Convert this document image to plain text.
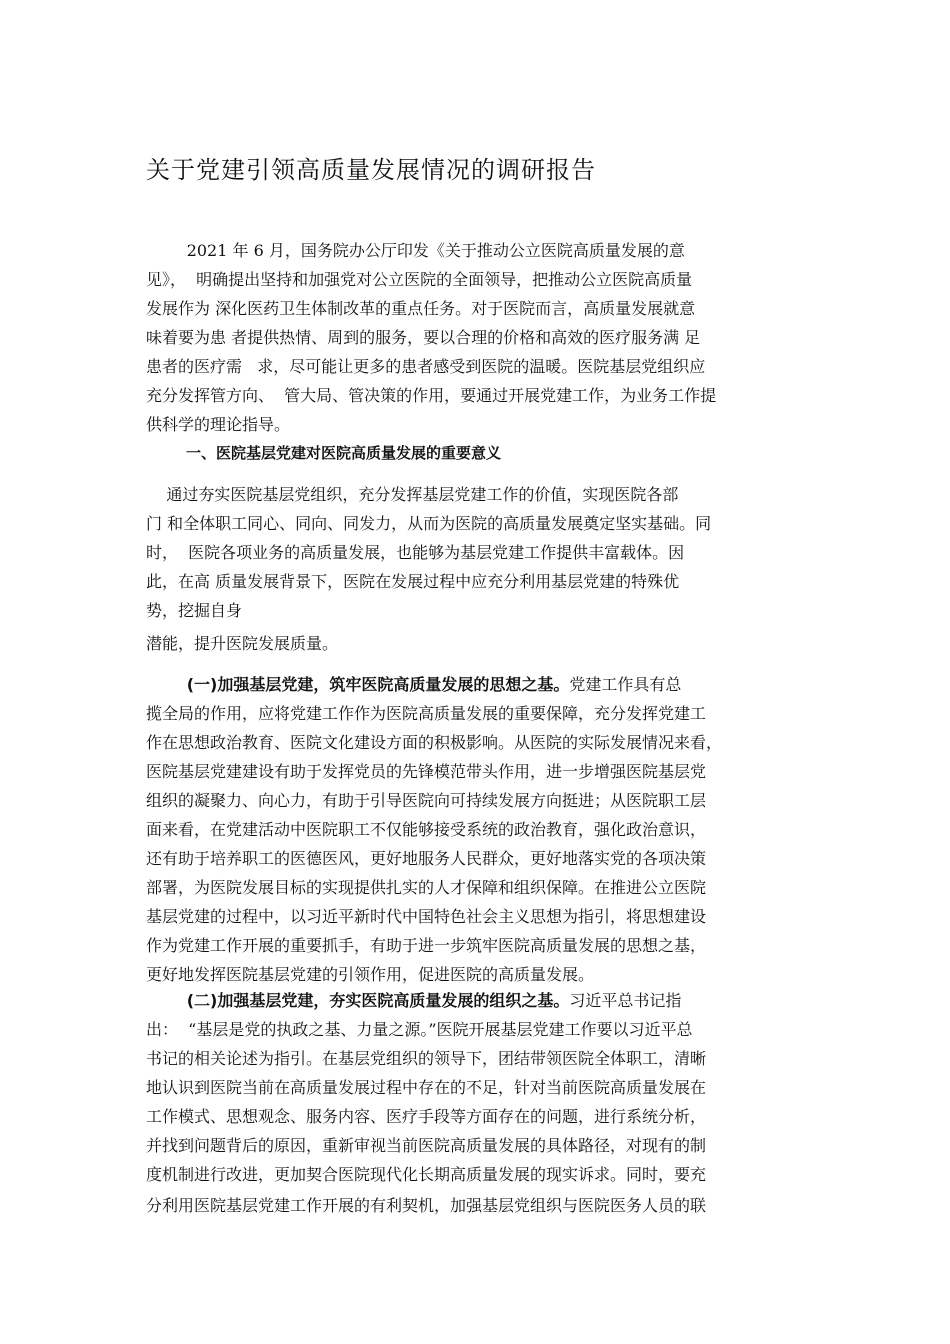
关于党建引领高质量发展情况的调研报告
2021 年 6 月，国务院办公厅印发《关于推动公立医院高质量发展的意
见》，  明确提出坚持和加强党对公立医院的全面领导，把推动公立医院高质量
发展作为 深化医药卫生体制改革的重点任务。对于医院而言，高质量发展就意
味着要为患 者提供热情、周到的服务，要以合理的价格和高效的医疗服务满 足
患者的医疗需   求，尽可能让更多的患者感受到医院的温暖。医院基层党组织应
充分发挥管方向、  管大局、管决策的作用，要通过开展党建工作，为业务工作提
供科学的理论指导。
一、医院基层党建对医院高质量发展的重要意义
通过夯实医院基层党组织，充分发挥基层党建工作的价值，实现医院各部
门 和全体职工同心、同向、同发力，从而为医院的高质量发展奠定坚实基础。同
时，  医院各项业务的高质量发展，也能够为基层党建工作提供丰富载体。因
此，在高 质量发展背景下，医院在发展过程中应充分利用基层党建的特殊优
势，挖掘自身
潜能，提升医院发展质量。
(一)加强基层党建，筑牢医院高质量发展的思想之基。党建工作具有总
揽全局的作用，应将党建工作作为医院高质量发展的重要保障，充分发挥党建工
作在思想政治教育、医院文化建设方面的积极影响。从医院的实际发展情况来看，
医院基层党建建设有助于发挥党员的先锋模范带头作用，进一步增强医院基层党
组织的凝聚力、向心力，有助于引导医院向可持续发展方向挺进；从医院职工层
面来看，在党建活动中医院职工不仅能够接受系统的政治教育，强化政治意识，
还有助于培养职工的医德医风，更好地服务人民群众，更好地落实党的各项决策
部署，为医院发展目标的实现提供扎实的人才保障和组织保障。在推进公立医院
基层党建的过程中，以习近平新时代中国特色社会主义思想为指引，将思想建设
作为党建工作开展的重要抓手，有助于进一步筑牢医院高质量发展的思想之基，
更好地发挥医院基层党建的引领作用，促进医院的高质量发展。
(二)加强基层党建，夯实医院高质量发展的组织之基。习近平总书记指
出：  “基层是党的执政之基、力量之源。”医院开展基层党建工作要以习近平总
书记的相关论述为指引。在基层党组织的领导下，团结带领医院全体职工，清晰
地认识到医院当前在高质量发展过程中存在的不足，针对当前医院高质量发展在
工作模式、思想观念、服务内容、医疗手段等方面存在的问题，进行系统分析，
并找到问题背后的原因，重新审视当前医院高质量发展的具体路径，对现有的制
度机制进行改进，更加契合医院现代化长期高质量发展的现实诉求。同时，要充
分利用医院基层党建工作开展的有利契机，加强基层党组织与医院医务人员的联
